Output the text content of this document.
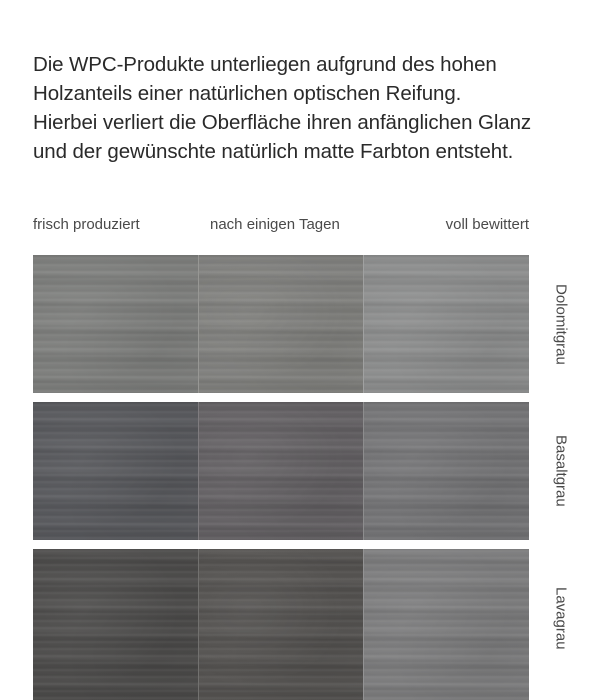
Die WPC-Produkte unterliegen aufgrund des hohen
Holzanteils einer natürlichen optischen Reifung.
Hierbei verliert die Oberfläche ihren anfänglichen Glanz
und der gewünschte natürlich matte Farbton entsteht.

frisch produziert	nach einigen Tagen	voll bewittert
Dolomitgrau
Basaltgrau
Lavagrau
